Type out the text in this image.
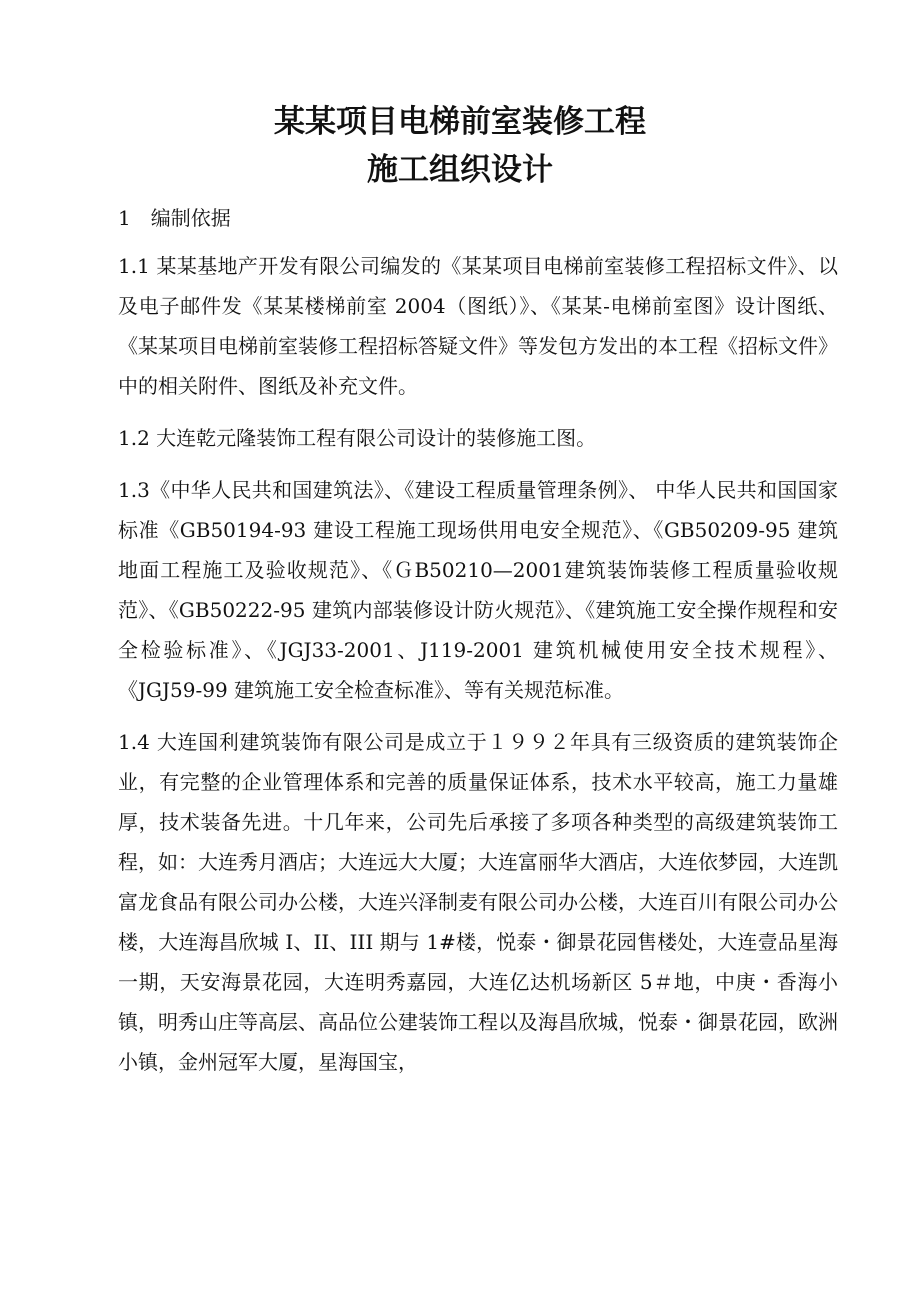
某某项目电梯前室装修工程
施工组织设计

1　编制依据

1.1 某某基地产开发有限公司编发的《某某项目电梯前室装修工程招标文件》、以及电子邮件发《某某楼梯前室 2004（图纸）》、《某某-电梯前室图》设计图纸、《某某项目电梯前室装修工程招标答疑文件》等发包方发出的本工程《招标文件》中的相关附件、图纸及补充文件。

1.2 大连乾元隆装饰工程有限公司设计的装修施工图。

1.3《中华人民共和国建筑法》、《建设工程质量管理条例》、 中华人民共和国国家标准《GB50194-93 建设工程施工现场供用电安全规范》、《GB50209-95 建筑地面工程施工及验收规范》、《ＧB50210—2001建筑装饰装修工程质量验收规范》、《GB50222-95 建筑内部装修设计防火规范》、《建筑施工安全操作规程和安全检验标准》、《JGJ33-2001、J119-2001 建筑机械使用安全技术规程》、《JGJ59-99 建筑施工安全检查标准》、等有关规范标准。

1.4 大连国利建筑装饰有限公司是成立于１９９２年具有三级资质的建筑装饰企业，有完整的企业管理体系和完善的质量保证体系，技术水平较高，施工力量雄厚，技术装备先进。十几年来，公司先后承接了多项各种类型的高级建筑装饰工程，如：大连秀月酒店；大连远大大厦；大连富丽华大酒店，大连依梦园，大连凯富龙食品有限公司办公楼，大连兴泽制麦有限公司办公楼，大连百川有限公司办公楼，大连海昌欣城 I、II、III 期与 1#楼，悦泰・御景花园售楼处，大连壹品星海一期，天安海景花园，大连明秀嘉园，大连亿达机场新区 5＃地，中庚・香海小镇，明秀山庄等高层、高品位公建装饰工程以及海昌欣城，悦泰・御景花园，欧洲小镇，金州冠军大厦，星海国宝，
